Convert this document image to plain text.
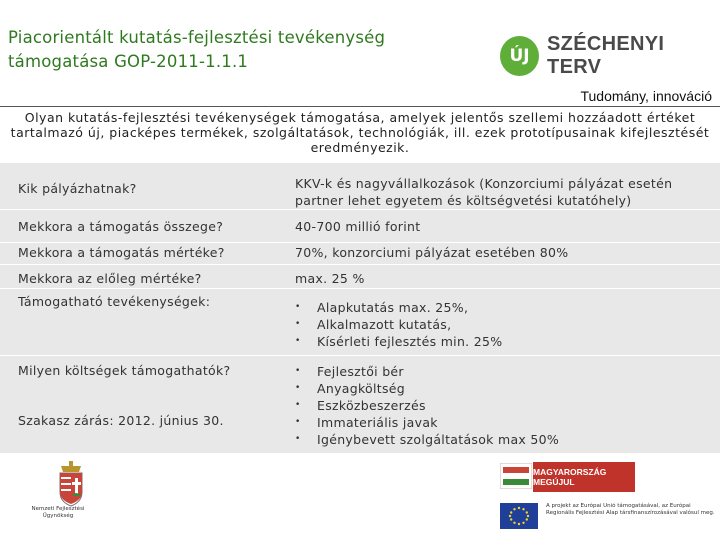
Piacorientált kutatás-fejlesztési tevékenység
támogatása GOP-2011-1.1.1	ÚJ
SZÉCHENYI TERV
Tudomány, innováció
Olyan kutatás-fejlesztési tevékenységek támogatása, amelyek jelentős szellemi hozzáadott értéket tartalmazó új, piacképes termékek, szolgáltatások, technológiák, ill. ezek prototípusainak kifejlesztését eredményezik.
Kik pályázhatnak?	KKV-k és nagyvállalkozások (Konzorciumi pályázat esetén partner lehet egyetem és költségvetési kutatóhely)
Mekkora a támogatás összege?	40-700 millió forint
Mekkora a támogatás mértéke?	70%, konzorciumi pályázat esetében 80%
Mekkora az előleg mértéke?	max. 25 %
Támogatható tevékenységek:
•	Alapkutatás max. 25%,
• Alkalmazott kutatás,
• Kísérleti fejlesztés min. 25%
Milyen költségek támogathatók?
Szakasz zárás: 2012. június 30.
• Fejlesztői bér
• Anyagköltség
• Eszközbeszerzés
• Immateriális javak
• Igénybevett szolgáltatások max 50%
Nemzeti Fejlesztési Ügynökség
MAGYARORSZÁG MEGÚJUL
A projekt az Európai Unió támogatásával, az Európai Regionális Fejlesztési Alap társfinanszírozásával valósul meg.
